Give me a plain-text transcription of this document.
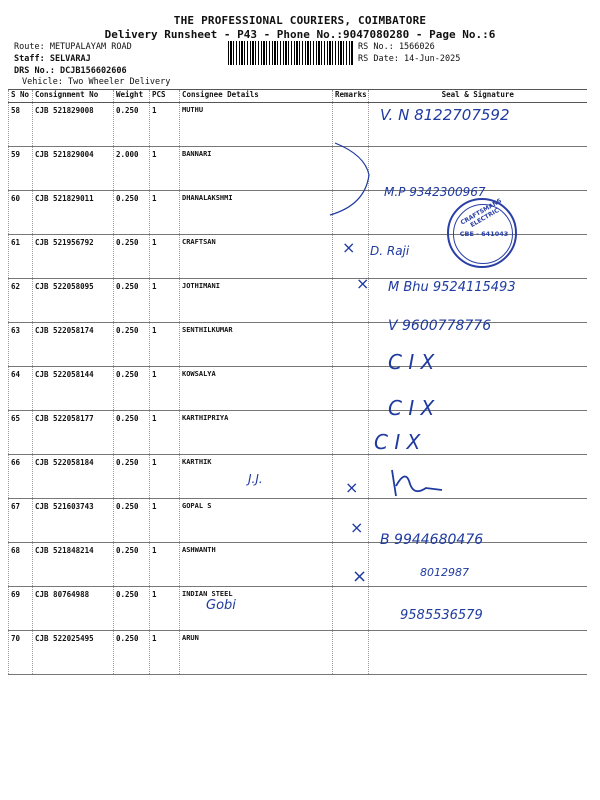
THE PROFESSIONAL COURIERS, COIMBATORE
Delivery Runsheet - P43 - Phone No.:9047080280 - Page No.:6
Route: METUPALAYAM ROAD
Staff: SELVARAJ
DRS No.: DCJB156602606
Vehicle: Two Wheeler Delivery
RS No.: 1566026
RS Date: 14-Jun-2025
S No	Consignment No	Weight	PCS	Consignee Details	Remarks	Seal & Signature
58	CJB 521829008	0.250	1	MUTHU		
59	CJB 521829004	2.000	1	BANNARI		
60	CJB 521829011	0.250	1	DHANALAKSHMI		
61	CJB 521956792	0.250	1	CRAFTSAN		
62	CJB 522058095	0.250	1	JOTHIMANI		
63	CJB 522058174	0.250	1	SENTHILKUMAR		
64	CJB 522058144	0.250	1	KOWSALYA		
65	CJB 522058177	0.250	1	KARTHIPRIYA		
66	CJB 522058184	0.250	1	KARTHIK		
67	CJB 521603743	0.250	1	GOPAL S		
68	CJB 521848214	0.250	1	ASHWANTH		
69	CJB 80764988	0.250	1	INDIAN STEEL		
70	CJB 522025495	0.250	1	ARUN		
V. N 8122707592
M.P 9342300967
× D. Raji
CRAFTSMANS ELECTRIC
CBE - 641043
× M Bhu 9524115493
V 9600778776
C I X
C I X
C I X
J.J.	×
×
B 9944680476
×	8012987
Gobi
9585536579
